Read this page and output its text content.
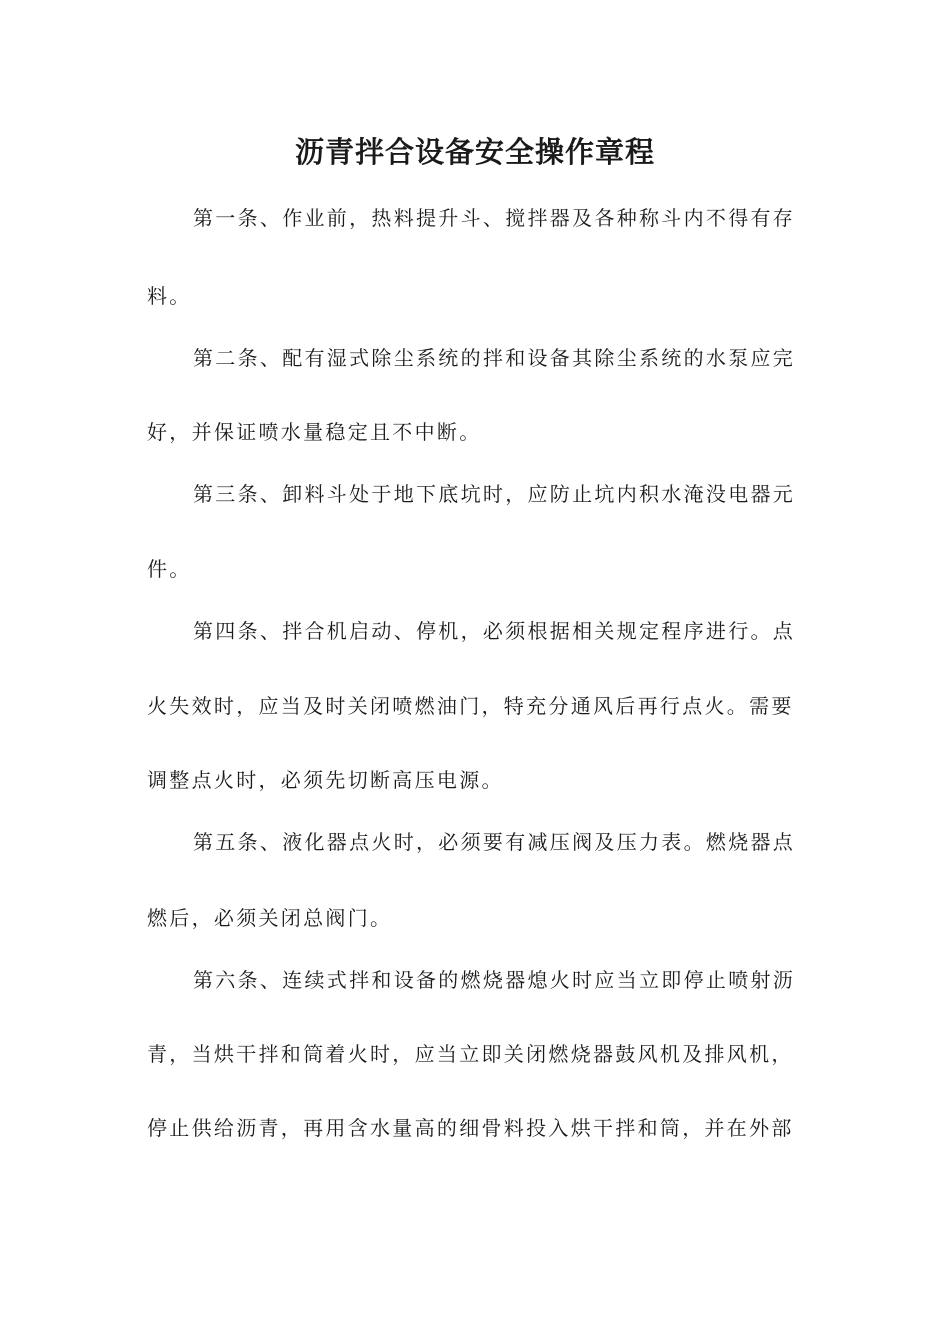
沥青拌合设备安全操作章程
第一条、作业前，热料提升斗、搅拌器及各种称斗内不得有存
料。
第二条、配有湿式除尘系统的拌和设备其除尘系统的水泵应完
好，并保证喷水量稳定且不中断。
第三条、卸料斗处于地下底坑时，应防止坑内积水淹没电器元
件。
第四条、拌合机启动、停机，必须根据相关规定程序进行。点
火失效时，应当及时关闭喷燃油门，特充分通风后再行点火。需要
调整点火时，必须先切断高压电源。
第五条、液化器点火时，必须要有减压阀及压力表。燃烧器点
燃后，必须关闭总阀门。
第六条、连续式拌和设备的燃烧器熄火时应当立即停止喷射沥
青，当烘干拌和筒着火时，应当立即关闭燃烧器鼓风机及排风机，
停止供给沥青，再用含水量高的细骨料投入烘干拌和筒，并在外部
